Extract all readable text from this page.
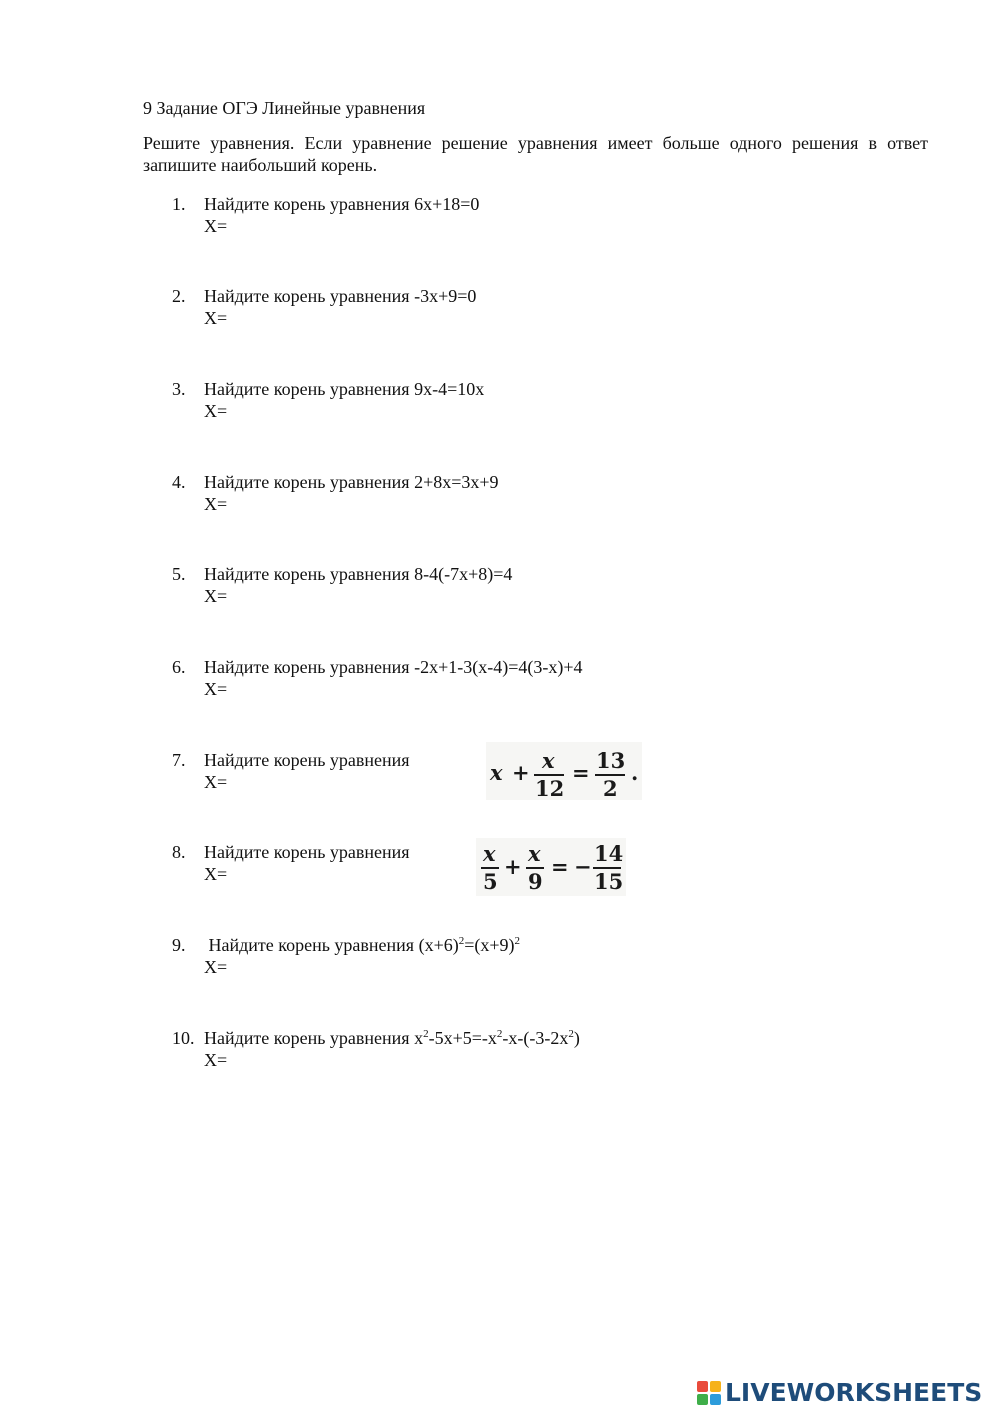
9 Задание ОГЭ Линейные уравнения
Решите уравнения. Если уравнение решение уравнения имеет больше одного решения в ответ запишите наибольший корень.
1. Найдите корень уравнения 6x+18=0
X=
2. Найдите корень уравнения -3x+9=0
X=
3. Найдите корень уравнения 9x-4=10x
X=
4. Найдите корень уравнения 2+8x=3x+9
X=
5. Найдите корень уравнения 8-4(-7x+8)=4
X=
6. Найдите корень уравнения -2x+1-3(x-4)=4(3-x)+4
X=
7. Найдите корень уравнения
X=	x + x
12
= 13
2
.
8. Найдите корень уравнения
X=
x
5
+
x
9
= −
14
15
9. Найдите корень уравнения $(x+6)^2=(x+9)^2$
X=
10. Найдите корень уравнения $x^2-5x+5=-x^2-x-(-3-2x^2)$
X=
LIVEWORKSHEETS
